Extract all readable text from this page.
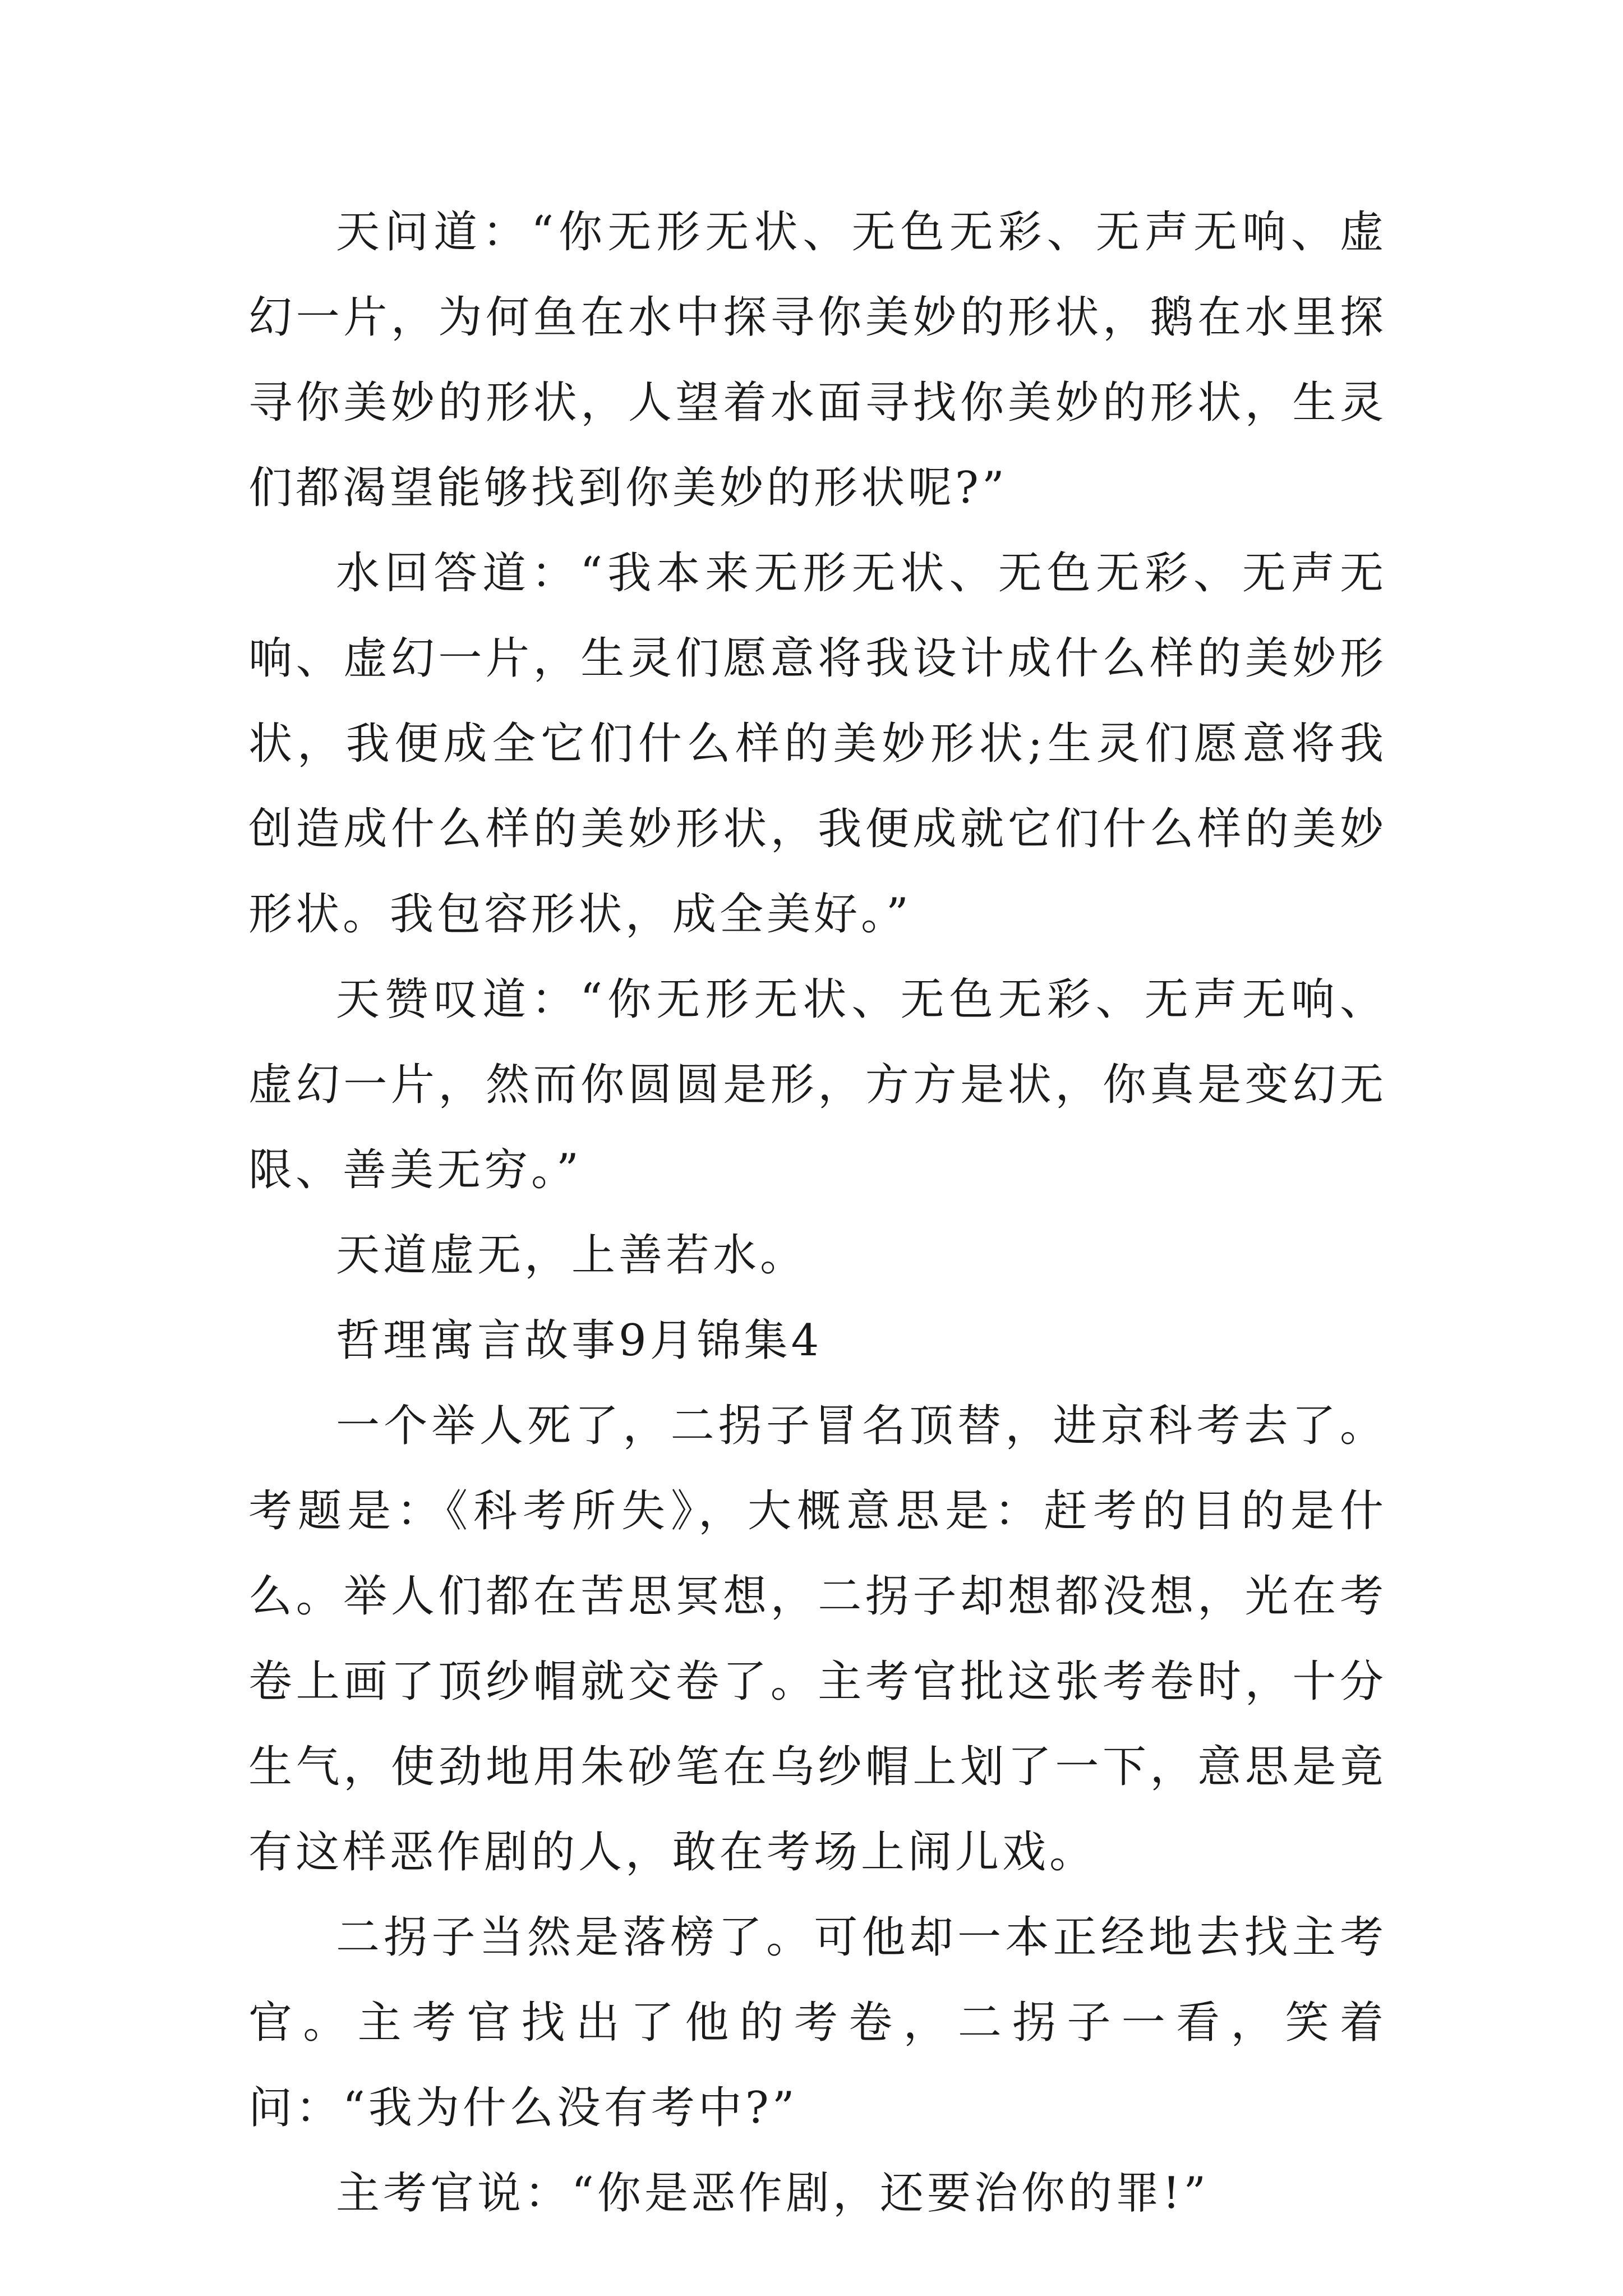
天问道：“你无形无状、无色无彩、无声无响、虚幻一片，为何鱼在水中探寻你美妙的形状，鹅在水里探寻你美妙的形状，人望着水面寻找你美妙的形状，生灵们都渴望能够找到你美妙的形状呢?”

水回答道：“我本来无形无状、无色无彩、无声无响、虚幻一片，生灵们愿意将我设计成什么样的美妙形状，我便成全它们什么样的美妙形状;生灵们愿意将我创造成什么样的美妙形状，我便成就它们什么样的美妙形状。我包容形状，成全美好。”

天赞叹道：“你无形无状、无色无彩、无声无响、虚幻一片，然而你圆圆是形，方方是状，你真是变幻无限、善美无穷。”

天道虚无，上善若水。

哲理寓言故事9月锦集4

一个举人死了，二拐子冒名顶替，进京科考去了。考题是：《科考所失》，大概意思是：赶考的目的是什么。举人们都在苦思冥想，二拐子却想都没想，光在考卷上画了顶纱帽就交卷了。主考官批这张考卷时，十分生气，使劲地用朱砂笔在乌纱帽上划了一下，意思是竟有这样恶作剧的人，敢在考场上闹儿戏。

二拐子当然是落榜了。可他却一本正经地去找主考官。主考官找出了他的考卷，二拐子一看，笑着问：“我为什么没有考中?”

主考官说：“你是恶作剧，还要治你的罪!”
